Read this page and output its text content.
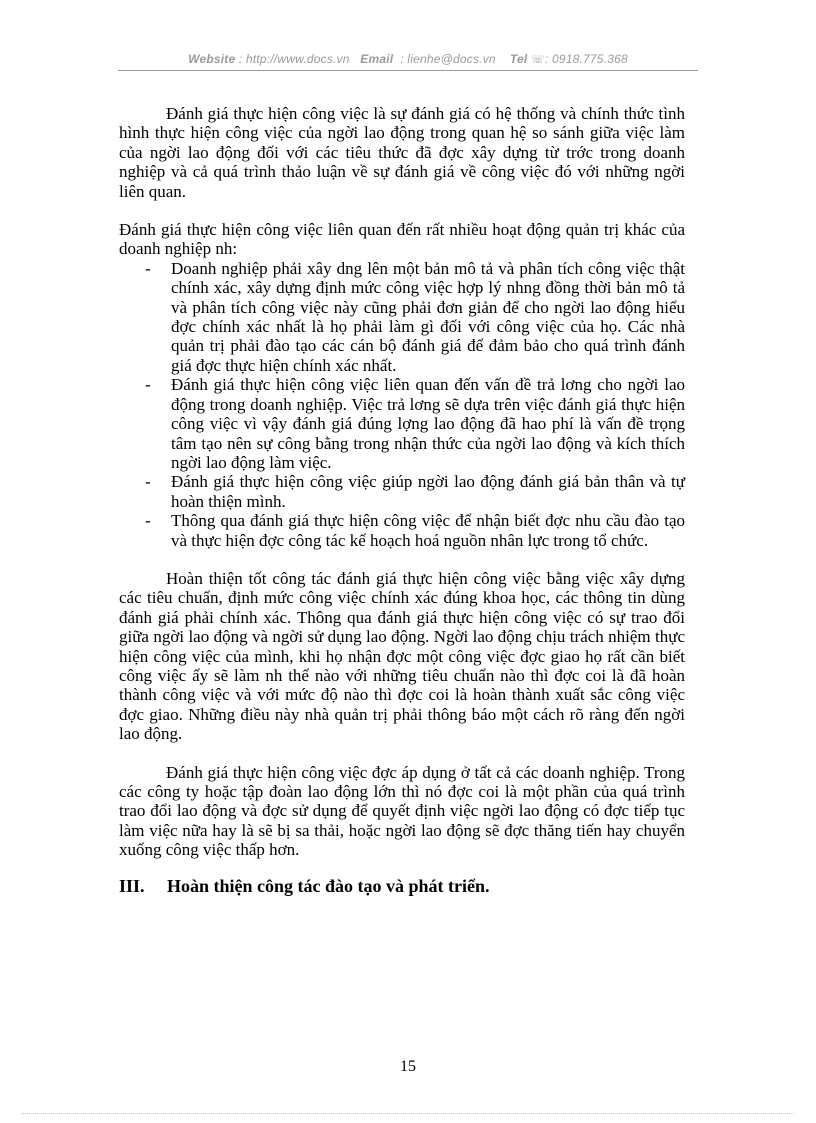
Website : http://www.docs.vn Email : lienhe@docs.vn Tel ☏: 0918.775.368

Đánh giá thực hiện công việc là sự đánh giá có hệ thống và chính thức tình hình thực hiện công việc của ngời lao động trong quan hệ so sánh giữa việc làm của ngời lao động đối với các tiêu thức đã đợc xây dựng từ trớc trong doanh nghiệp và cả quá trình thảo luận về sự đánh giá về công việc đó với những ngời liên quan.

Đánh giá thực hiện công việc liên quan đến rất nhiều hoạt động quản trị khác của doanh nghiệp nh:

-	Doanh nghiệp phải xây dng lên một bản mô tả và phân tích công việc thật chính xác, xây dựng định mức công việc hợp lý nhng đồng thời bản mô tả và phân tích công việc này cũng phải đơn giản để cho ngời lao động hiểu đợc chính xác nhất là họ phải làm gì đối với công việc của họ. Các nhà quản trị phải đào tạo các cán bộ đánh giá để đảm bảo cho quá trình đánh giá đợc thực hiện chính xác nhất.
-	Đánh giá thực hiện công việc liên quan đến vấn đề trả lơng cho ngời lao động trong doanh nghiệp. Việc trả lơng sẽ dựa trên việc đánh giá thực hiện công việc vì vậy đánh giá đúng lợng lao động đã hao phí là vấn đề trọng tâm tạo nên sự công bằng trong nhận thức của ngời lao động và kích thích ngời lao động làm việc.
-	Đánh giá thực hiện công việc giúp ngời lao động đánh giá bản thân và tự hoàn thiện mình.
-	Thông qua đánh giá thực hiện công việc để nhận biết đợc nhu cầu đào tạo và thực hiện đợc công tác kế hoạch hoá nguồn nhân lực trong tổ chức.

Hoàn thiện tốt công tác đánh giá thực hiện công việc bằng việc xây dựng các tiêu chuẩn, định mức công việc chính xác đúng khoa học, các thông tin dùng đánh giá phải chính xác. Thông qua đánh giá thực hiện công việc có sự trao đổi giữa ngời lao động và ngời sử dụng lao động. Ngời lao động chịu trách nhiệm thực hiện công việc của mình, khi họ nhận đợc một công việc đợc giao họ rất cần biết công việc ấy sẽ làm nh thế nào với những tiêu chuẩn nào thì đợc coi là đã hoàn thành công việc và với mức độ nào thì đợc coi là hoàn thành xuất sắc công việc đợc giao. Những điều này nhà quản trị phải thông báo một cách rõ ràng đến ngời lao động.

Đánh giá thực hiện công việc đợc áp dụng ở tất cả các doanh nghiệp. Trong các công ty hoặc tập đoàn lao động lớn thì nó đợc coi là một phần của quá trình trao đổi lao động và đợc sử dụng để quyết định việc ngời lao động có đợc tiếp tục làm việc nữa hay là sẽ bị sa thải, hoặc ngời lao động sẽ đợc thăng tiến hay chuyển xuống công việc thấp hơn.

III.	Hoàn thiện công tác đào tạo và phát triển.
15
